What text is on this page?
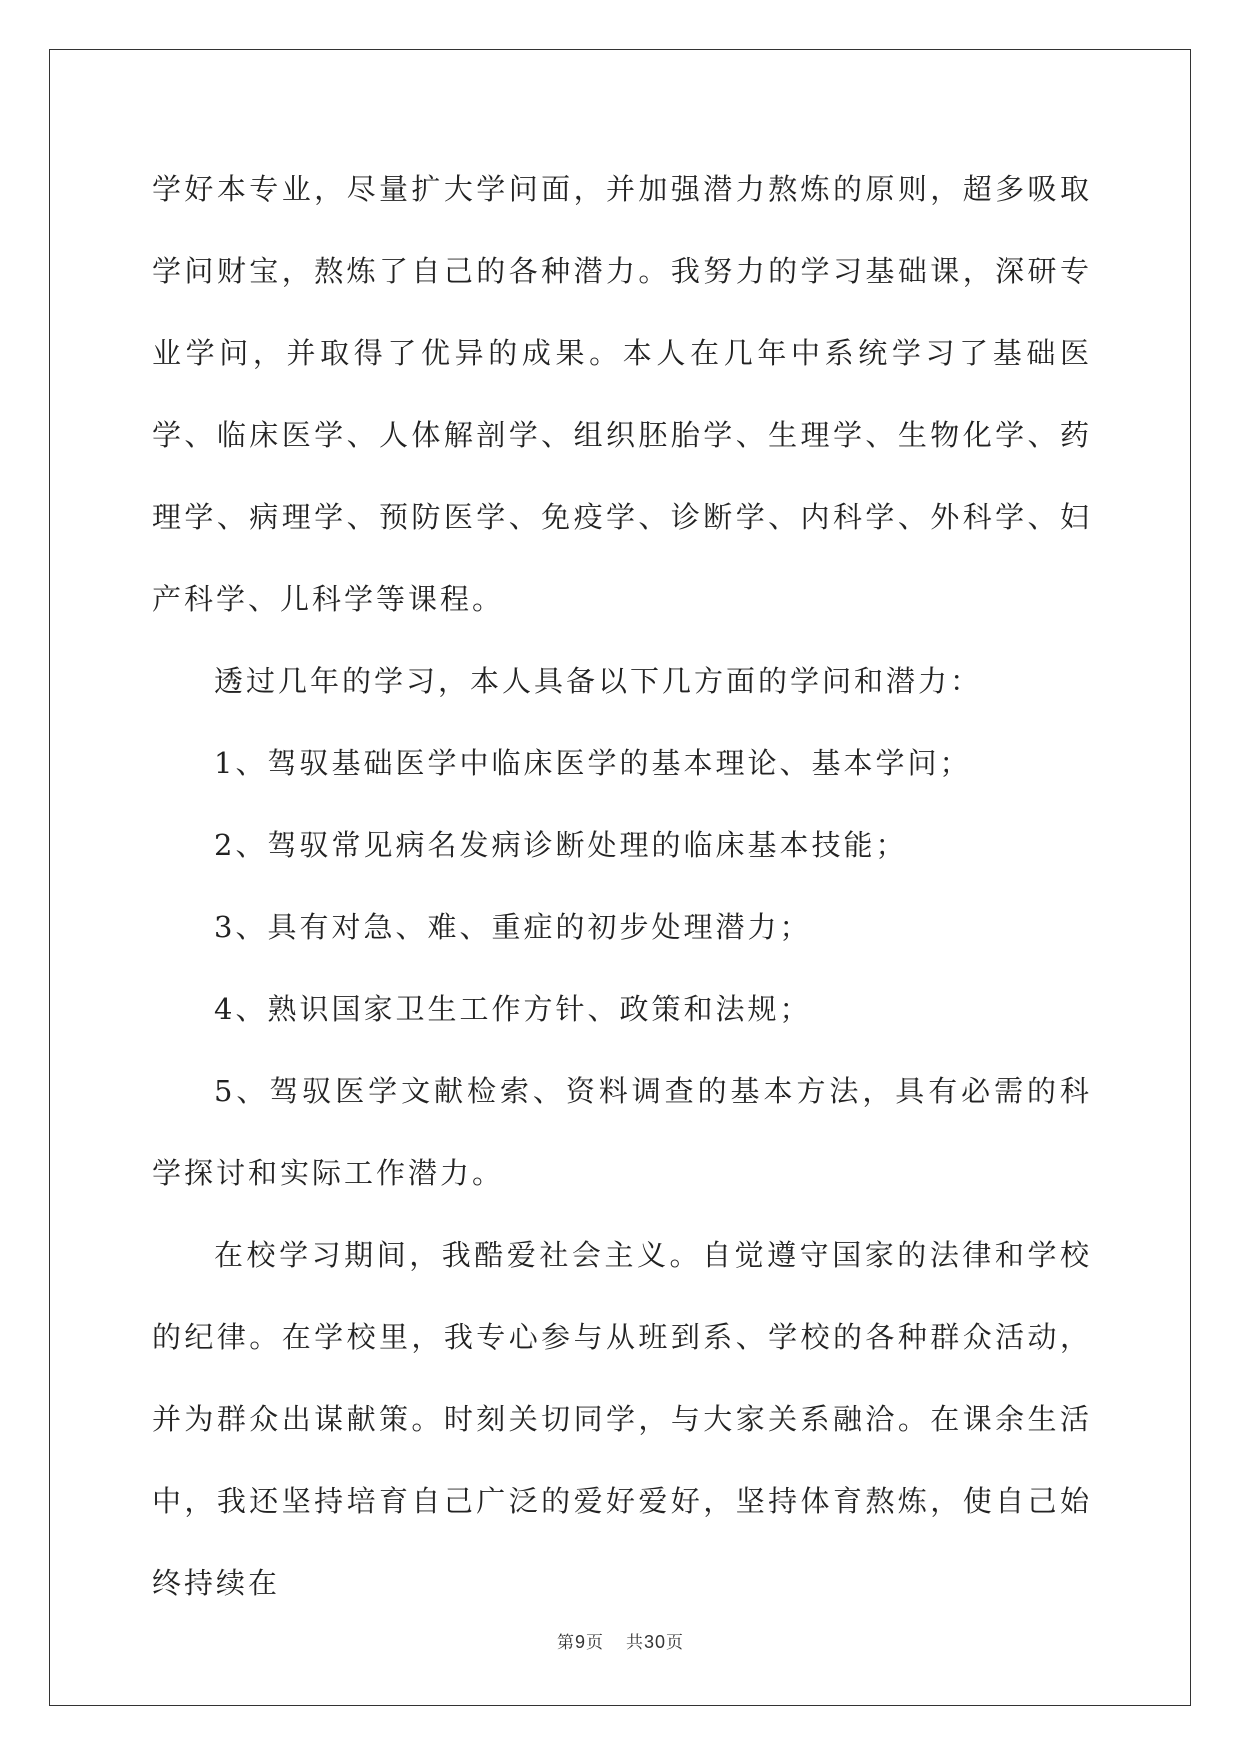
学好本专业，尽量扩大学问面，并加强潜力熬炼的原则，超多吸取学问财宝，熬炼了自己的各种潜力。我努力的学习基础课，深研专业学问，并取得了优异的成果。本人在几年中系统学习了基础医学、临床医学、人体解剖学、组织胚胎学、生理学、生物化学、药理学、病理学、预防医学、免疫学、诊断学、内科学、外科学、妇产科学、儿科学等课程。

透过几年的学习，本人具备以下几方面的学问和潜力：

1、驾驭基础医学中临床医学的基本理论、基本学问；

2、驾驭常见病名发病诊断处理的临床基本技能；

3、具有对急、难、重症的初步处理潜力；

4、熟识国家卫生工作方针、政策和法规；

5、驾驭医学文献检索、资料调查的基本方法，具有必需的科学探讨和实际工作潜力。

在校学习期间，我酷爱社会主义。自觉遵守国家的法律和学校的纪律。在学校里，我专心参与从班到系、学校的各种群众活动，并为群众出谋献策。时刻关切同学，与大家关系融洽。在课余生活中，我还坚持培育自己广泛的爱好爱好，坚持体育熬炼，使自己始终持续在

第9页 共30页
